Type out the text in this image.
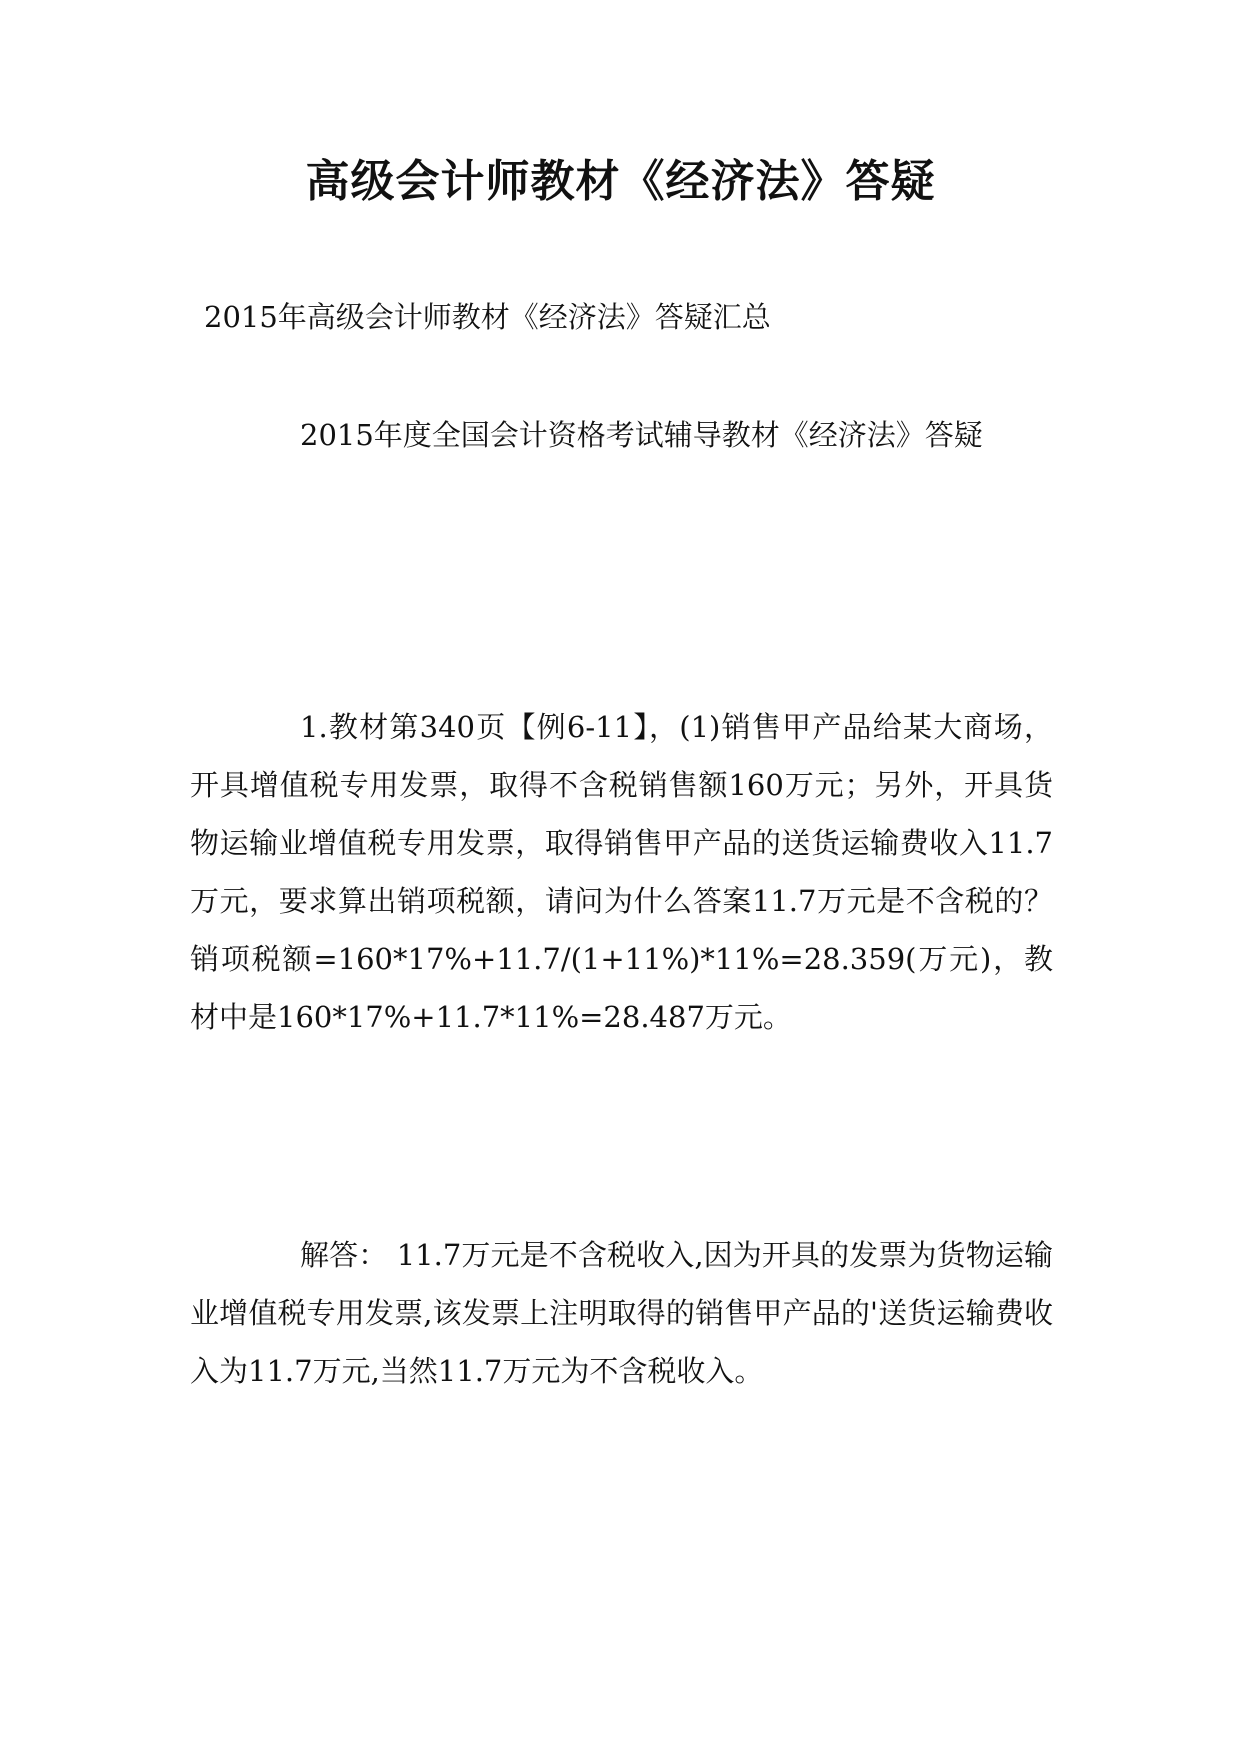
高级会计师教材《经济法》答疑

2015年高级会计师教材《经济法》答疑汇总

2015年度全国会计资格考试辅导教材《经济法》答疑

1.教材第340页【例6-11】，(1)销售甲产品给某大商场，开具增值税专用发票，取得不含税销售额160万元；另外，开具货物运输业增值税专用发票，取得销售甲产品的送货运输费收入11.7万元，要求算出销项税额，请问为什么答案11.7万元是不含税的？销项税额=160*17%+11.7/(1+11%)*11%=28.359(万元)，教材中是160*17%+11.7*11%=28.487万元。

解答： 11.7万元是不含税收入,因为开具的发票为货物运输业增值税专用发票,该发票上注明取得的销售甲产品的'送货运输费收入为11.7万元,当然11.7万元为不含税收入。
